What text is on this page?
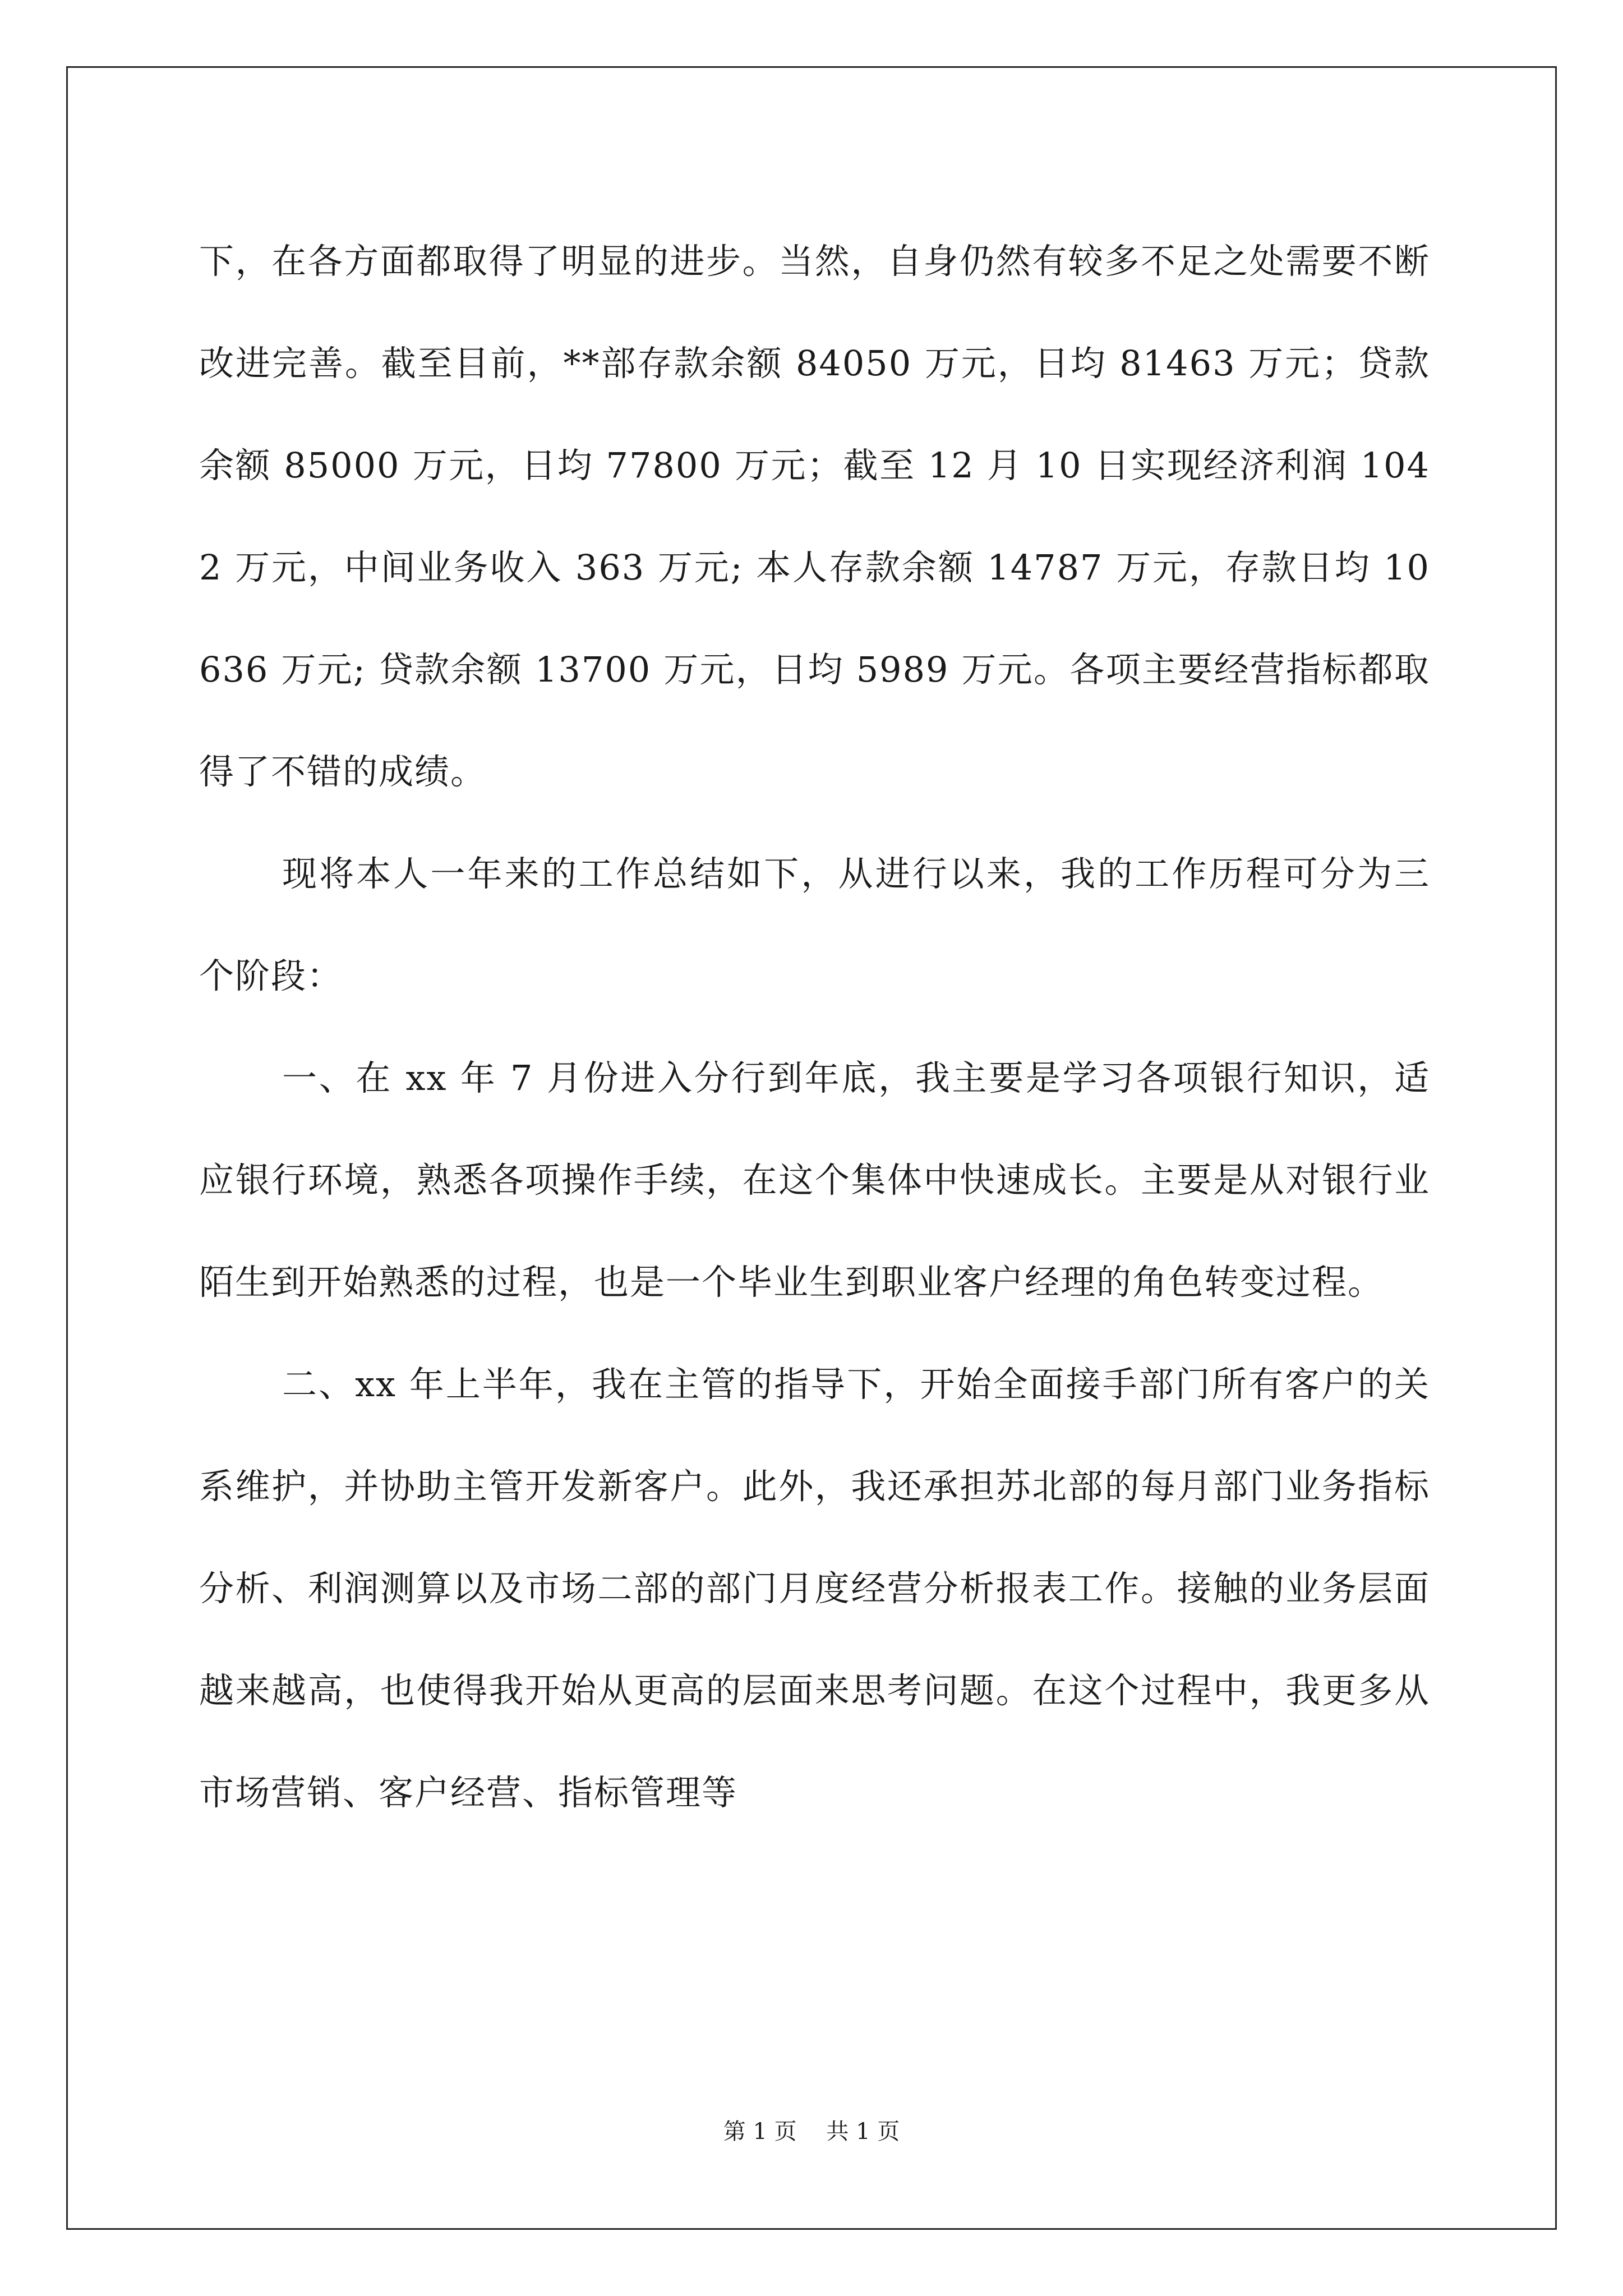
下，在各方面都取得了明显的进步。当然，自身仍然有较多不足之处需要不断改进完善。截至目前，**部存款余额 84050 万元，日均 81463 万元；贷款余额 85000 万元，日均 77800 万元；截至 12 月 10 日实现经济利润 1042 万元，中间业务收入 363 万元; 本人存款余额 14787 万元，存款日均 10636 万元; 贷款余额 13700 万元，日均 5989 万元。各项主要经营指标都取得了不错的成绩。

现将本人一年来的工作总结如下，从进行以来，我的工作历程可分为三个阶段：

一、在 xx 年 7 月份进入分行到年底，我主要是学习各项银行知识，适应银行环境，熟悉各项操作手续，在这个集体中快速成长。主要是从对银行业陌生到开始熟悉的过程，也是一个毕业生到职业客户经理的角色转变过程。

二、xx 年上半年，我在主管的指导下，开始全面接手部门所有客户的关系维护，并协助主管开发新客户。此外，我还承担苏北部的每月部门业务指标分析、利润测算以及市场二部的部门月度经营分析报表工作。接触的业务层面越来越高，也使得我开始从更高的层面来思考问题。在这个过程中，我更多从市场营销、客户经营、指标管理等

第 1 页 共 1 页
